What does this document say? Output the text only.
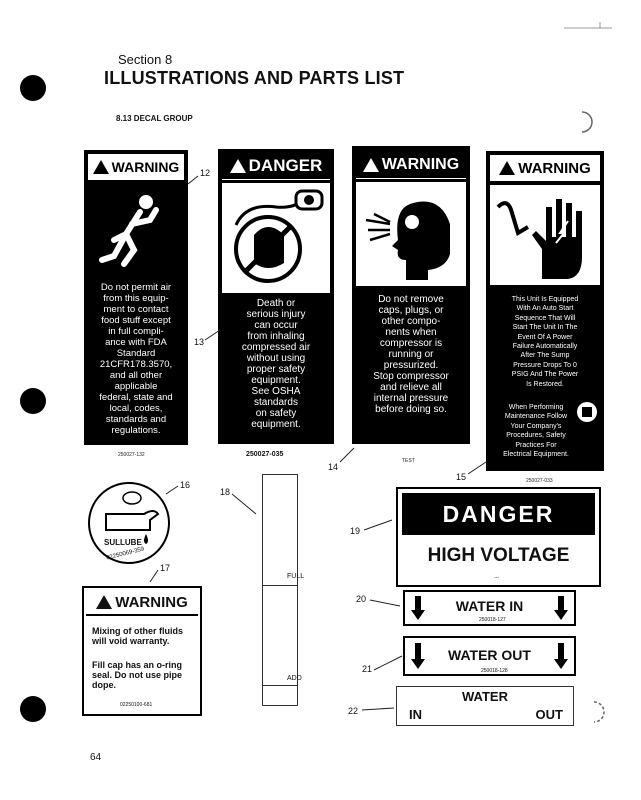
Section 8
ILLUSTRATIONS AND PARTS LIST
8.13 DECAL GROUP
64
WARNING
Do not permit air
from this equip-
ment to contact
food stuff except
in full compli-
ance with FDA
Standard
21CFR178.3570,
and all other
applicable
federal, state and
local, codes,
standards and
regulations.
250027-132
DANGER
Death or
serious injury
can occur
from inhaling
compressed air
without using
proper safety
equipment.
See OSHA
standards
on safety
equipment.
250027-035
WARNING
Do not remove
caps, plugs, or
other compo-
nents when
compressor is
running or
pressurized.
Stop compressor
and relieve all
internal pressure
before doing so.
TEST
WARNING
This Unit Is Equipped
With An Auto Start
Sequence That Will
Start The Unit In The
Event Of A Power
Failure Automatically
After The Sump
Pressure Drops To 0
PSIG And The Power
Is Restored.
When Performing
Maintenance Follow
Your Company's
Procedures, Safety
Practices For
Electrical Equipment.
250027-033
SULLUBE
02250069-359
WARNING
Mixing of other fluids
will void warranty.
Fill cap has an o-ring
seal. Do not use pipe
dope.
02250100-681
FULL
ADD
DANGER
HIGH VOLTAGE
---
WATER IN
250018-127
WATER OUT
250018-128
WATER
IN	OUT
12
13
14
15
16
17
18
19
20
21
22
